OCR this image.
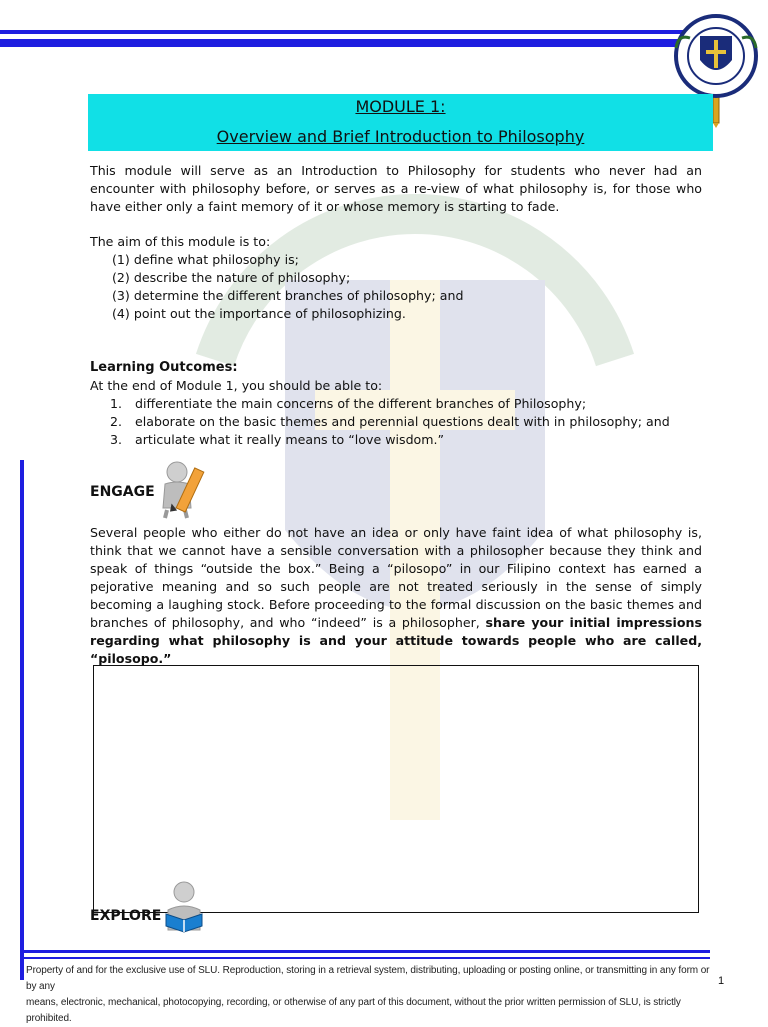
MODULE 1:
Overview and Brief Introduction to Philosophy

This module will serve as an Introduction to Philosophy for students who never had an encounter with philosophy before, or serves as a re-view of what philosophy is, for those who have either only a faint memory of it or whose memory is starting to fade.

The aim of this module is to:

(1) define what philosophy is;
(2) describe the nature of philosophy;
(3) determine the different branches of philosophy; and
(4) point out the importance of philosophizing.

Learning Outcomes:

At the end of Module 1, you should be able to:

1.	differentiate the main concerns of the different branches of Philosophy;
2.	elaborate on the basic themes and perennial questions dealt with in philosophy; and
3.	articulate what it really means to “love wisdom.”
ENGAGE
Several people who either do not have an idea or only have faint idea of what philosophy is, think that we cannot have a sensible conversation with a philosopher because they think and speak of things “outside the box.” Being a “pilosopo” in our Filipino context has earned a pejorative meaning and so such people are not treated seriously in the sense of simply becoming a laughing stock. Before proceeding to the formal discussion on the basic themes and branches of philosophy, and who “indeed” is a philosopher, share your initial impressions regarding what philosophy is and your attitude towards people who are called, “pilosopo.”
EXPLORE
Property of and for the exclusive use of SLU. Reproduction, storing in a retrieval system, distributing, uploading or posting online, or transmitting in any form or by any
means, electronic, mechanical, photocopying, recording, or otherwise of any part of this document, without the prior written permission of SLU, is strictly prohibited.
1
